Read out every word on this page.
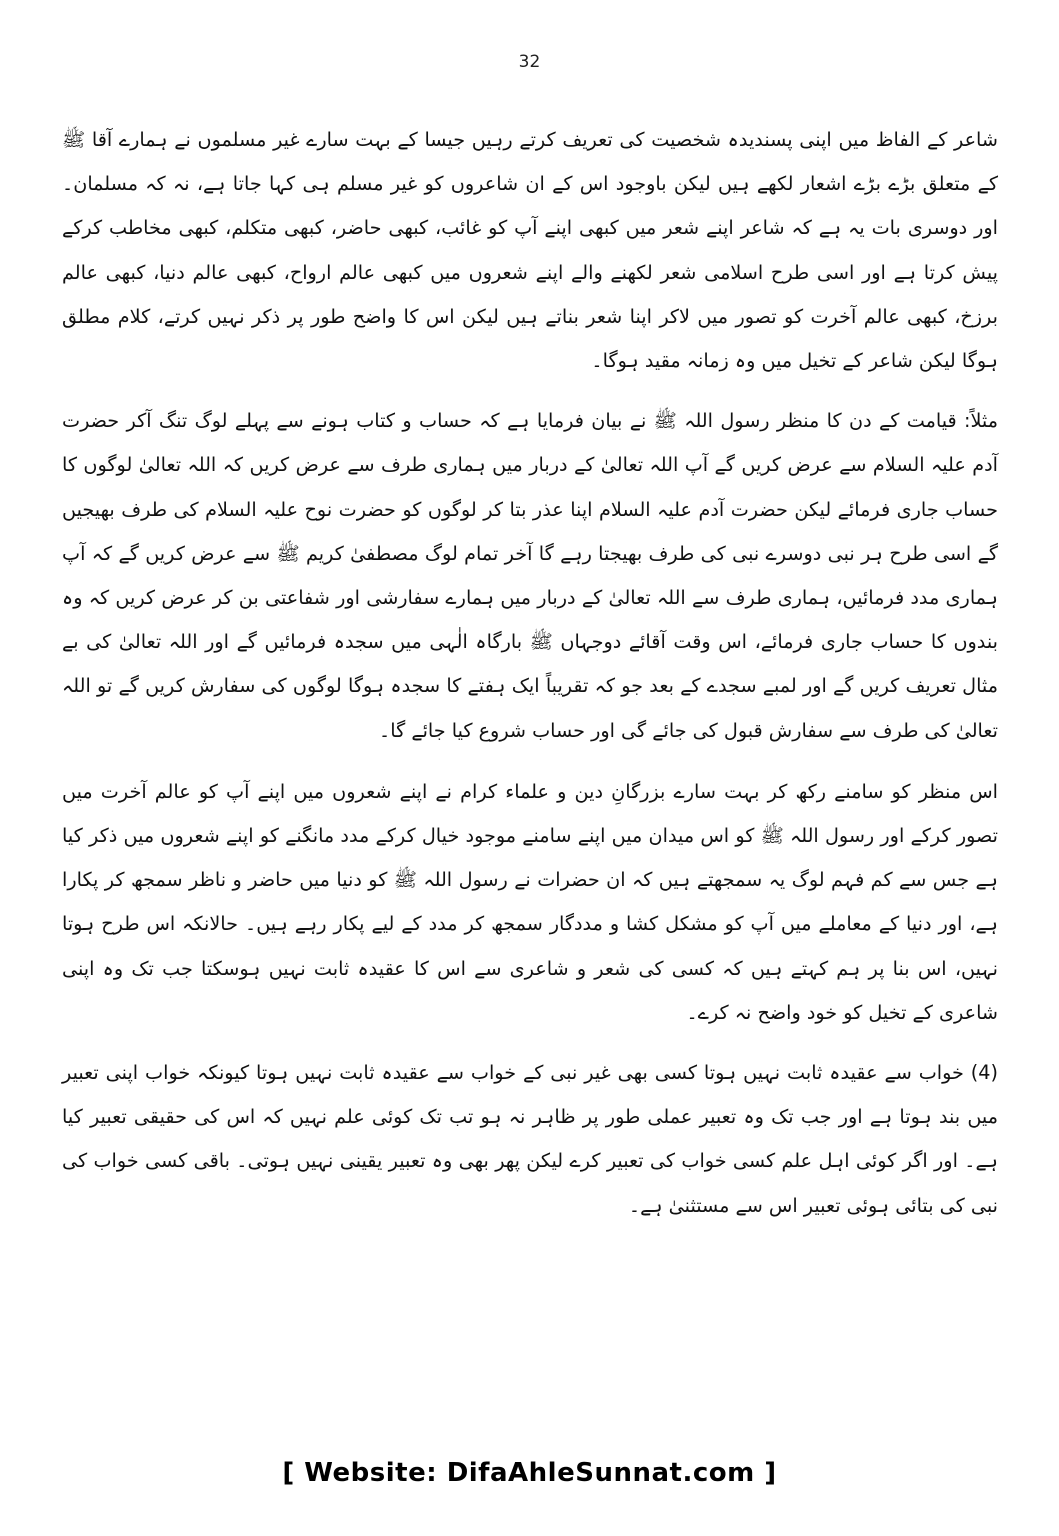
32

شاعر کے الفاظ میں اپنی پسندیدہ شخصیت کی تعریف کرتے رہیں جیسا کے بہت سارے غیر مسلموں نے ہمارے آقا ﷺ کے متعلق بڑے بڑے اشعار لکھے ہیں لیکن باوجود اس کے ان شاعروں کو غیر مسلم ہی کہا جاتا ہے، نہ کہ مسلمان۔ اور دوسری بات یہ ہے کہ شاعر اپنے شعر میں کبھی اپنے آپ کو غائب، کبھی حاضر، کبھی متکلم، کبھی مخاطب کرکے پیش کرتا ہے اور اسی طرح اسلامی شعر لکھنے والے اپنے شعروں میں کبھی عالم ارواح، کبھی عالم دنیا، کبھی عالم برزخ، کبھی عالم آخرت کو تصور میں لاکر اپنا شعر بناتے ہیں لیکن اس کا واضح طور پر ذکر نہیں کرتے، کلام مطلق ہوگا لیکن شاعر کے تخیل میں وہ زمانہ مقید ہوگا۔

مثلاً: قیامت کے دن کا منظر رسول اللہ ﷺ نے بیان فرمایا ہے کہ حساب و کتاب ہونے سے پہلے لوگ تنگ آکر حضرت آدم علیہ السلام سے عرض کریں گے آپ اللہ تعالیٰ کے دربار میں ہماری طرف سے عرض کریں کہ اللہ تعالیٰ لوگوں کا حساب جاری فرمائے لیکن حضرت آدم علیہ السلام اپنا عذر بتا کر لوگوں کو حضرت نوح علیہ السلام کی طرف بھیجیں گے اسی طرح ہر نبی دوسرے نبی کی طرف بھیجتا رہے گا آخر تمام لوگ مصطفیٰ کریم ﷺ سے عرض کریں گے کہ آپ ہماری مدد فرمائیں، ہماری طرف سے اللہ تعالیٰ کے دربار میں ہمارے سفارشی اور شفاعتی بن کر عرض کریں کہ وہ بندوں کا حساب جاری فرمائے، اس وقت آقائے دوجہاں ﷺ بارگاہ الٰہی میں سجدہ فرمائیں گے اور اللہ تعالیٰ کی بے مثال تعریف کریں گے اور لمبے سجدے کے بعد جو کہ تقریباً ایک ہفتے کا سجدہ ہوگا لوگوں کی سفارش کریں گے تو اللہ تعالیٰ کی طرف سے سفارش قبول کی جائے گی اور حساب شروع کیا جائے گا۔

اس منظر کو سامنے رکھ کر بہت سارے بزرگانِ دین و علماء کرام نے اپنے شعروں میں اپنے آپ کو عالم آخرت میں تصور کرکے اور رسول اللہ ﷺ کو اس میدان میں اپنے سامنے موجود خیال کرکے مدد مانگنے کو اپنے شعروں میں ذکر کیا ہے جس سے کم فہم لوگ یہ سمجھتے ہیں کہ ان حضرات نے رسول اللہ ﷺ کو دنیا میں حاضر و ناظر سمجھ کر پکارا ہے، اور دنیا کے معاملے میں آپ کو مشکل کشا و مددگار سمجھ کر مدد کے لیے پکار رہے ہیں۔ حالانکہ اس طرح ہوتا نہیں، اس بنا پر ہم کہتے ہیں کہ کسی کی شعر و شاعری سے اس کا عقیدہ ثابت نہیں ہوسکتا جب تک وہ اپنی شاعری کے تخیل کو خود واضح نہ کرے۔

(4) خواب سے عقیدہ ثابت نہیں ہوتا کسی بھی غیر نبی کے خواب سے عقیدہ ثابت نہیں ہوتا کیونکہ خواب اپنی تعبیر میں بند ہوتا ہے اور جب تک وہ تعبیر عملی طور پر ظاہر نہ ہو تب تک کوئی علم نہیں کہ اس کی حقیقی تعبیر کیا ہے۔ اور اگر کوئی اہل علم کسی خواب کی تعبیر کرے لیکن پھر بھی وہ تعبیر یقینی نہیں ہوتی۔ باقی کسی خواب کی نبی کی بتائی ہوئی تعبیر اس سے مستثنیٰ ہے۔

[ Website: DifaAhleSunnat.com ]
